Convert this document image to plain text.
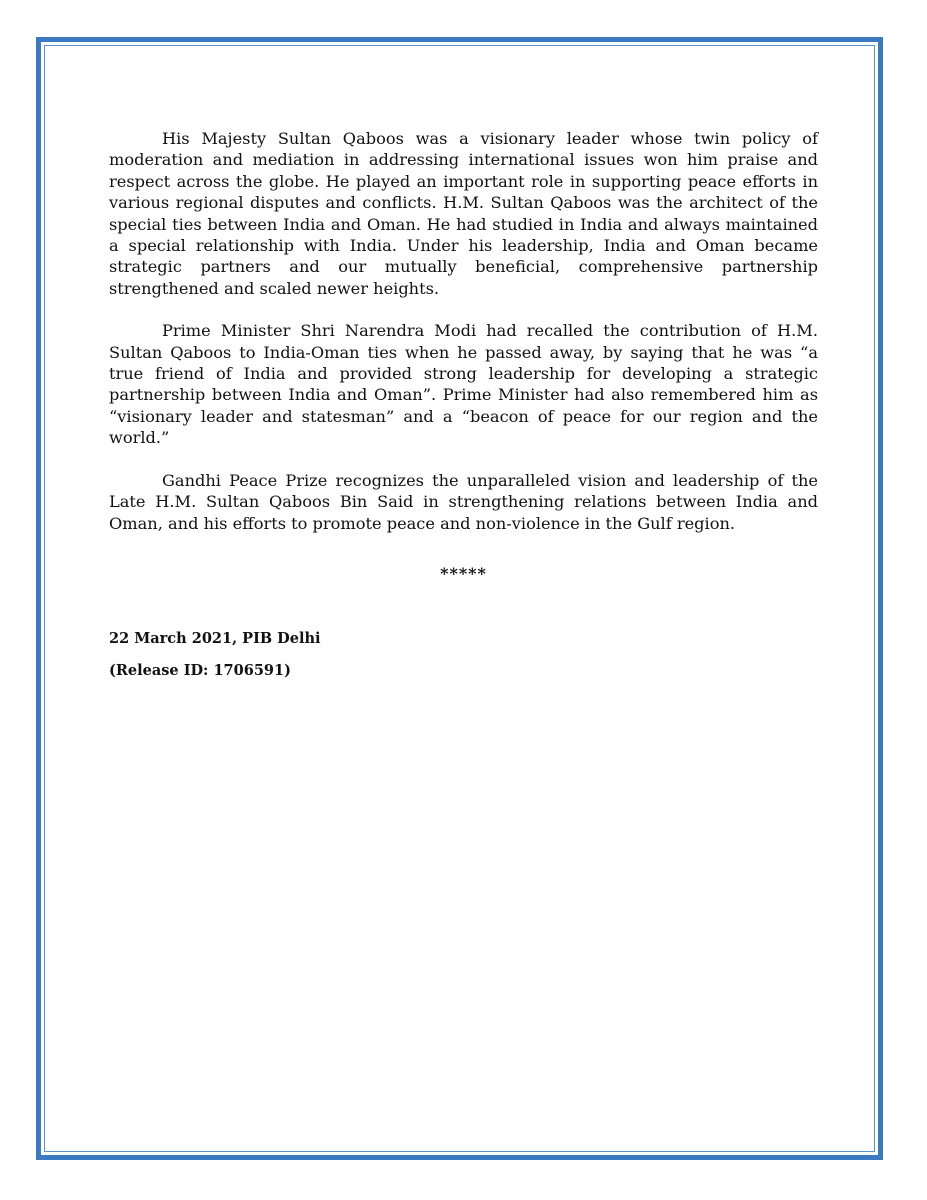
His Majesty Sultan Qaboos was a visionary leader whose twin policy of moderation and mediation in addressing international issues won him praise and respect across the globe. He played an important role in supporting peace efforts in various regional disputes and conflicts. H.M. Sultan Qaboos was the architect of the special ties between India and Oman. He had studied in India and always maintained a special relationship with India. Under his leadership, India and Oman became strategic partners and our mutually beneficial, comprehensive partnership strengthened and scaled newer heights.

Prime Minister Shri Narendra Modi had recalled the contribution of H.M. Sultan Qaboos to India-Oman ties when he passed away, by saying that he was “a true friend of India and provided strong leadership for developing a strategic partnership between India and Oman”. Prime Minister had also remembered him as “visionary leader and statesman” and a “beacon of peace for our region and the world.”

Gandhi Peace Prize recognizes the unparalleled vision and leadership of the Late H.M. Sultan Qaboos Bin Said in strengthening relations between India and Oman, and his efforts to promote peace and non-violence in the Gulf region.

*****
22 March 2021, PIB Delhi
(Release ID: 1706591)
